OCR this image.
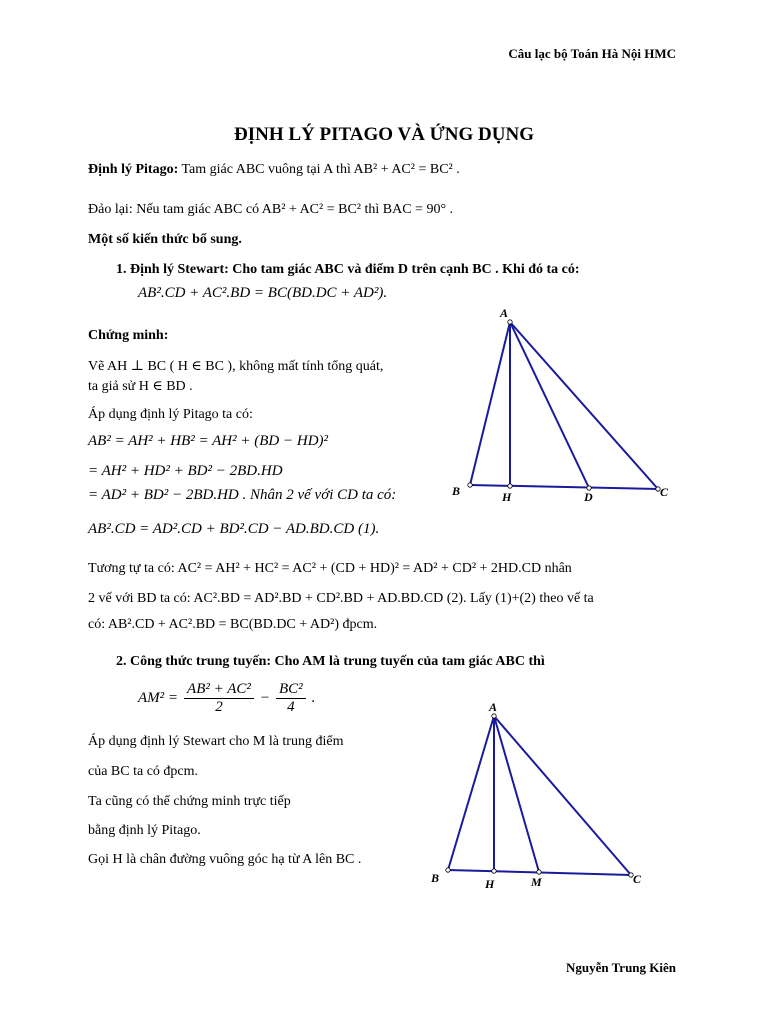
Câu lạc bộ Toán Hà Nội HMC
ĐỊNH LÝ PITAGO VÀ ỨNG DỤNG
Định lý Pitago: Tam giác ABC vuông tại A thì AB² + AC² = BC² .
Đảo lại: Nếu tam giác ABC có AB² + AC² = BC² thì BAC = 90° .
Một số kiến thức bổ sung.
1. Định lý Stewart: Cho tam giác ABC và điểm D trên cạnh BC . Khi đó ta có:
AB².CD + AC².BD = BC(BD.DC + AD²).
Chứng minh:
Vẽ AH ⊥ BC ( H ∈ BC ), không mất tính tổng quát,
ta giả sử H ∈ BD .
Áp dụng định lý Pitago ta có:
AB² = AH² + HB² = AH² + (BD − HD)²
= AH² + HD² + BD² − 2BD.HD
= AD² + BD² − 2BD.HD . Nhân 2 vế với CD ta có:
AB².CD = AD².CD + BD².CD − AD.BD.CD (1).
Tương tự ta có: AC² = AH² + HC² = AC² + (CD + HD)² = AD² + CD² + 2HD.CD nhân
2 vế với BD ta có: AC².BD = AD².BD + CD².BD + AD.BD.CD (2). Lấy (1)+(2) theo vế ta
có: AB².CD + AC².BD = BC(BD.DC + AD²) đpcm.
2. Công thức trung tuyến: Cho AM là trung tuyến của tam giác ABC thì
$AM^2 = \frac{\text{AB² + AC²}}{2} - \frac{\text{BC²}}{4}$ .
Áp dụng định lý Stewart cho M là trung điểm
của BC ta có đpcm.
Ta cũng có thể chứng minh trực tiếp
bằng định lý Pitago.
Gọi H là chân đường vuông góc hạ từ A lên BC .
A
B	H	D	C
A
B	H	M	C
Nguyễn Trung Kiên
